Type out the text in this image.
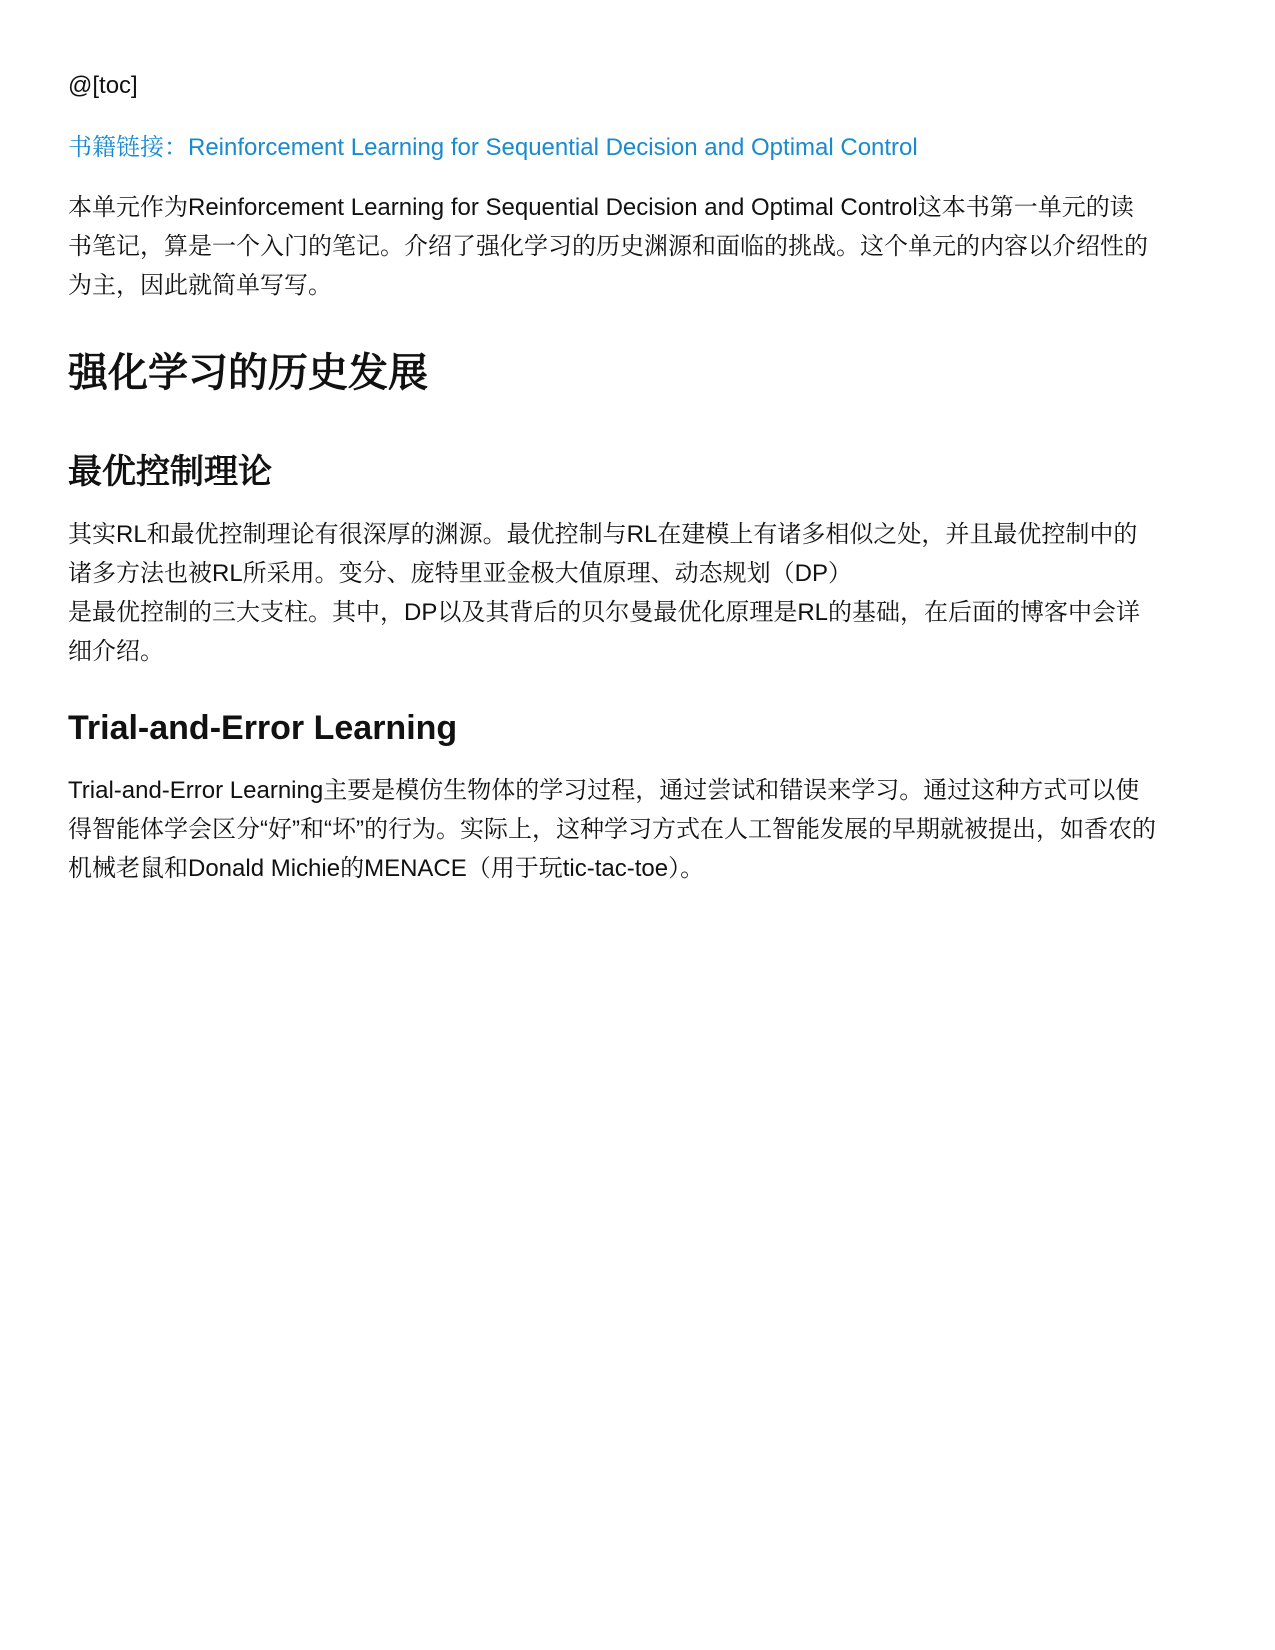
@[toc]
书籍链接：Reinforcement Learning for Sequential Decision and Optimal Control

本单元作为Reinforcement Learning for Sequential Decision and Optimal Control这本书第一单元的读
书笔记，算是一个入门的笔记。介绍了强化学习的历史渊源和面临的挑战。这个单元的内容以介绍性的
为主，因此就简单写写。

强化学习的历史发展
最优控制理论

其实RL和最优控制理论有很深厚的渊源。最优控制与RL在建模上有诸多相似之处，并且最优控制中的
诸多方法也被RL所采用。变分、庞特里亚金极大值原理、动态规划（DP）
是最优控制的三大支柱。其中，DP以及其背后的贝尔曼最优化原理是RL的基础，在后面的博客中会详
细介绍。

Trial-and-Error Learning

Trial-and-Error Learning主要是模仿生物体的学习过程，通过尝试和错误来学习。通过这种方式可以使
得智能体学会区分“好”和“坏”的行为。实际上，这种学习方式在人工智能发展的早期就被提出，如香农的
机械老鼠和Donald Michie的MENACE（用于玩tic-tac-toe）。
